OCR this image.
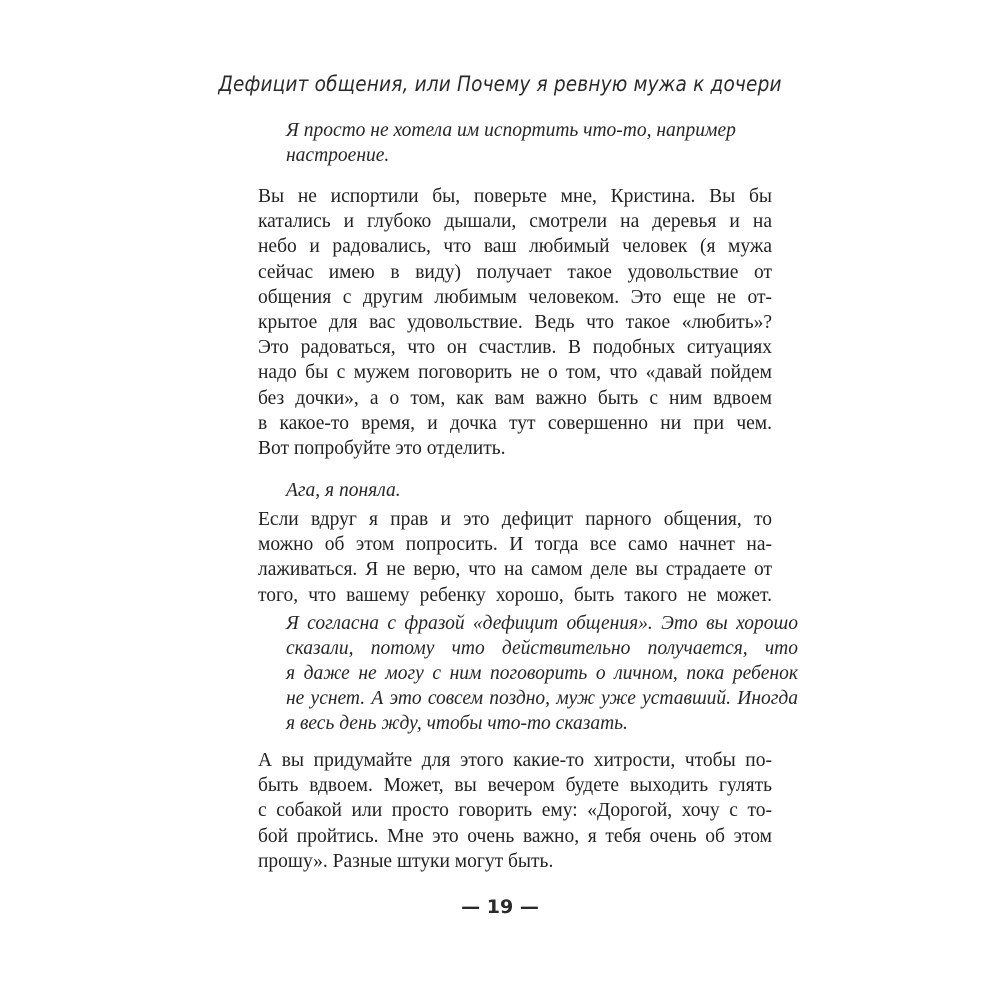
Дефицит общения, или Почему я ревную мужа к дочери
Я просто не хотела им испортить что-то, например
настроение.
Вы не испортили бы, поверьте мне, Кристина. Вы бы
катались и глубоко дышали, смотрели на деревья и на
небо и радовались, что ваш любимый человек (я мужа
сейчас имею в виду) получает такое удовольствие от
общения с другим любимым человеком. Это еще не от-
крытое для вас удовольствие. Ведь что такое «любить»?
Это радоваться, что он счастлив. В подобных ситуациях
надо бы с мужем поговорить не о том, что «давай пойдем
без дочки», а о том, как вам важно быть с ним вдвоем
в какое-то время, и дочка тут совершенно ни при чем.
Вот попробуйте это отделить.
Ага, я поняла.
Если вдруг я прав и это дефицит парного общения, то
можно об этом попросить. И тогда все само начнет на-
лаживаться. Я не верю, что на самом деле вы страдаете от
того, что вашему ребенку хорошо, быть такого не может.
Я согласна с фразой «дефицит общения». Это вы хорошо
сказали, потому что действительно получается, что
я даже не могу с ним поговорить о личном, пока ребенок
не уснет. А это совсем поздно, муж уже уставший. Иногда
я весь день жду, чтобы что-то сказать.
А вы придумайте для этого какие-то хитрости, чтобы по-
быть вдвоем. Может, вы вечером будете выходить гулять
с собакой или просто говорить ему: «Дорогой, хочу с то-
бой пройтись. Мне это очень важно, я тебя очень об этом
прошу». Разные штуки могут быть.
— 19 —
